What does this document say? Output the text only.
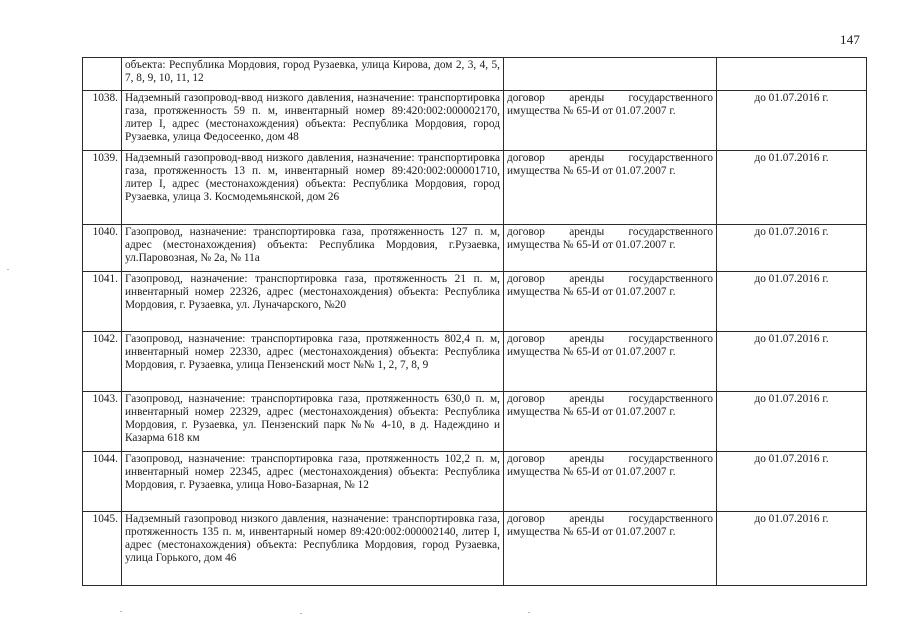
147
	объекта: Республика Мордовия, город Рузаевка, улица Кирова, дом 2, 3, 4, 5, 7, 8, 9, 10, 11, 12		
1038.	Надземный газопровод-ввод низкого давления, назначение: транспортировка газа, протяженность 59 п. м, инвентарный номер 89:420:002:000002170, литер I, адрес (местонахождения) объекта: Республика Мордовия, город Рузаевка, улица Федосеенко, дом 48	договор аренды государственного имущества № 65-И от 01.07.2007 г.	до 01.07.2016 г.
1039.	Надземный газопровод-ввод низкого давления, назначение: транспортировка газа, протяженность 13 п. м, инвентарный номер 89:420:002:000001710, литер I, адрес (местонахождения) объекта: Республика Мордовия, город Рузаевка, улица З. Космодемьянской, дом 26	договор аренды государственного имущества № 65-И от 01.07.2007 г.	до 01.07.2016 г.
1040.	Газопровод, назначение: транспортировка газа, протяженность 127 п. м, адрес (местонахождения) объекта: Республика Мордовия, г.Рузаевка, ул.Паровозная, № 2а, № 11а	договор аренды государственного имущества № 65-И от 01.07.2007 г.	до 01.07.2016 г.
1041.	Газопровод, назначение: транспортировка газа, протяженность 21 п. м, инвентарный номер 22326, адрес (местонахождения) объекта: Республика Мордовия, г. Рузаевка, ул. Луначарского, №20	договор аренды государственного имущества № 65-И от 01.07.2007 г.	до 01.07.2016 г.
1042.	Газопровод, назначение: транспортировка газа, протяженность 802,4 п. м, инвентарный номер 22330, адрес (местонахождения) объекта: Республика Мордовия, г. Рузаевка, улица Пензенский мост №№ 1, 2, 7, 8, 9	договор аренды государственного имущества № 65-И от 01.07.2007 г.	до 01.07.2016 г.
1043.	Газопровод, назначение: транспортировка газа, протяженность 630,0 п. м, инвентарный номер 22329, адрес (местонахождения) объекта: Республика Мордовия, г. Рузаевка, ул. Пензенский парк №№ 4-10, в д. Надеждино и Казарма 618 км	договор аренды государственного имущества № 65-И от 01.07.2007 г.	до 01.07.2016 г.
1044.	Газопровод, назначение: транспортировка газа, протяженность 102,2 п. м, инвентарный номер 22345, адрес (местонахождения) объекта: Республика Мордовия, г. Рузаевка, улица Ново-Базарная, № 12	договор аренды государственного имущества № 65-И от 01.07.2007 г.	до 01.07.2016 г.
1045.	Надземный газопровод низкого давления, назначение: транспортировка газа, протяженность 135 п. м, инвентарный номер 89:420:002:000002140, литер I, адрес (местонахождения) объекта: Республика Мордовия, город Рузаевка, улица Горького, дом 46	договор аренды государственного имущества № 65-И от 01.07.2007 г.	до 01.07.2016 г.
